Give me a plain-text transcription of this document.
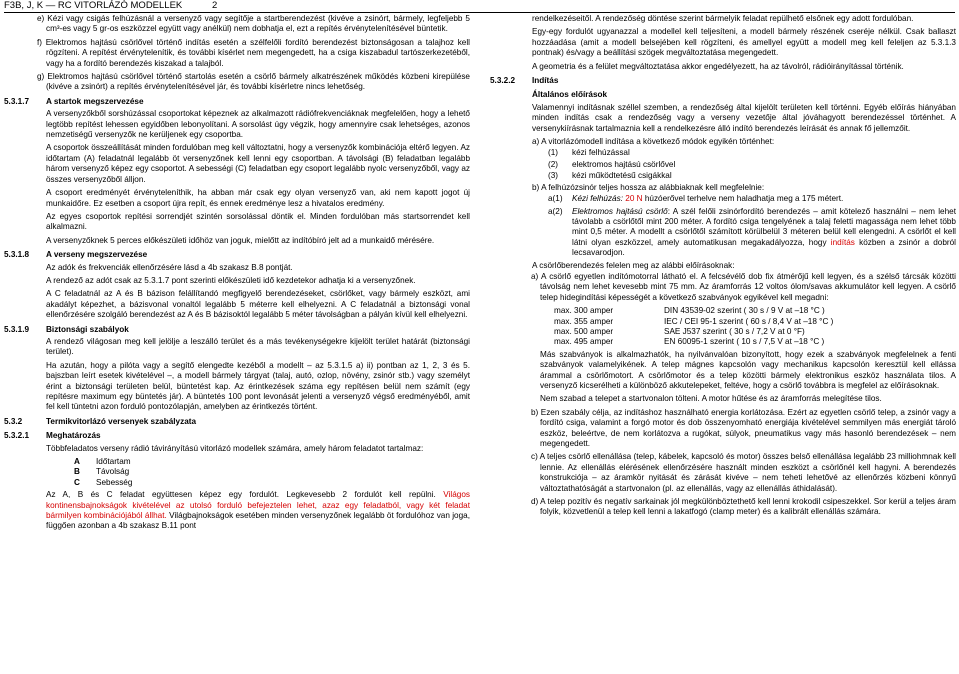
F3B, J, K — RC VITORLÁZÓ MODELLEK	2

e) Kézi vagy csigás felhúzásnál a versenyző vagy segítője a startberendezést (kivéve a zsinórt, bármely, legfeljebb 5 cm³-es vagy 5 gr-os eszközzel együtt vagy anélkül) nem dobhatja el, ezt a repítés érvénytelenítésével büntetik.

f) Elektromos hajtású csörlővel történő indítás esetén a szélfelőli fordító berendezést biztonságosan a talajhoz kell rögzíteni. A repítést érvénytelenítik, és további kísérlet nem megengedett, ha a csiga kiszabadul tartószerkezetéből, vagy ha a fordító berendezés kiszakad a talajból.

g) Elektromos hajtású csörlővel történő startolás esetén a csörlő bármely alkatrészének működés közbeni kirepülése (kivéve a zsinórt) a repítés érvénytelenítésével jár, és további kísérletre nincs lehetőség.

5.3.1.7 A startok megszervezése

A versenyzőkből sorshúzással csoportokat képeznek az alkalmazott rádiófrekvenciáknak megfelelően, hogy a lehető legtöbb repítést lehessen egyidőben lebonyolítani. A sorsolást úgy végzik, hogy amennyire csak lehetséges, azonos nemzetiségű versenyzők ne kerüljenek egy csoportba.

A csoportok összeállítását minden fordulóban meg kell változtatni, hogy a versenyzők kombinációja eltérő legyen. Az időtartam (A) feladatnál legalább öt versenyzőnek kell lenni egy csoportban. A távolsági (B) feladatban legalább három versenyző képez egy csoportot. A sebességi (C) feladatban egy csoport legalább nyolc versenyzőből, vagy az összes versenyzőből álljon.

A csoport eredményét érvényteleníthik, ha abban már csak egy olyan versenyző van, aki nem kapott jogot új munkaidőre. Ez esetben a csoport újra repít, és ennek eredménye lesz a hivatalos eredmény.

Az egyes csoportok repítési sorrendjét szintén sorsolással döntik el. Minden fordulóban más startsorrendet kell alkalmazni.

A versenyzőknek 5 perces előkészületi időhöz van joguk, mielőtt az indítóbíró jelt ad a munkaidő mérésére.

5.3.1.8 A verseny megszervezése

Az adók és frekvenciák ellenőrzésére lásd a 4b szakasz B.8 pontját.

A rendező az adót csak az 5.3.1.7 pont szerinti előkészületi idő kezdetekor adhatja ki a versenyzőnek.

A C feladatnál az A és B bázison felállítandó megfigyelő berendezéseket, csörlőket, vagy bármely eszközt, ami akadályt képezhet, a bázisvonal vonaltól legalább 5 méterre kell elhelyezni. A C feladatnál a biztonsági vonal ellenőrzésére szolgáló berendezést az A és B bázisoktól legalább 5 méter távolságban a pályán kívül kell elhelyezni.

5.3.1.9 Biztonsági szabályok

A rendező világosan meg kell jelölje a leszálló terület és a más tevékenységekre kijelölt terület határát (biztonsági terület).

Ha azután, hogy a pilóta vagy a segítő elengedte kezéből a modellt – az 5.3.1.5 a) ii) pontban az 1, 2, 3 és 5. bajszban leírt esetek kivételével –, a modell bármely tárgyat (talaj, autó, ozlop, növény, zsinór stb.) vagy személyt érint a biztonsági területen belül, büntetést kap. Az érintkezések száma egy repítésen belül nem számít (egy repítésre maximum egy büntetés jár). A büntetés 100 pont levonását jelenti a versenyző végső eredményéből, amit fel kell tüntetni azon forduló pontozólapján, amelyben az érintkezés történt.

5.3.2	Termikvitorlázó versenyek szabályzata
5.3.2.1 Meghatározás

Többfeladatos verseny rádió távirányítású vitorlázó modellek számára, amely három feladatot tartalmaz:

A	Időtartam
B	Távolság
C	Sebesség

Az A, B és C feladat együttesen képez egy fordulót. Legkevesebb 2 fordulót kell repülni. Világos kontinensbajnokságok kivételével az utolsó forduló befejeztelen lehet, azaz egy feladatból, vagy két feladat bármilyen kombinációjából állhat. Világbajnokságok esetében minden versenyzőnek legalább öt fordulóhoz van joga, függően azonban a 4b szakasz B.11 pont

rendelkezéseitől. A rendezőség döntése szerint bármelyik feladat repülhető elsőnek egy adott fordulóban.

Egy-egy fordulót ugyanazzal a modellel kell teljesíteni, a modell bármely részének cseréje nélkül. Csak ballaszt hozzáadása (amit a modell belsejében kell rögzíteni, és amellyel együtt a modell meg kell feleljen az 5.3.1.3 pontnak) és/vagy a beállítási szögek megváltoztatása megengedett.

A geometria és a felület megváltoztatása akkor engedélyezett, ha az távolról, rádióirányítással történik.

5.3.2.2 Indítás
Általános előírások

Valamennyi indításnak széllel szemben, a rendezőség által kijelölt területen kell történni. Egyéb előírás hiányában minden indítás csak a rendezőség vagy a verseny vezetője által jóváhagyott berendezéssel történhet. A versenykiírásnak tartalmaznia kell a rendelkezésre álló indító berendezés leírását és annak fő jellemzőit.

a) A vitorlázómodell indítása a következő módok egyikén történhet:

(1)	kézi felhúzással
(2)	elektromos hajtású csörlővel
(3)	kézi működtetésű csigákkal

b) A felhúzózsinór teljes hossza az alábbiaknak kell megfelelnie:

a(1)	Kézi felhúzás: 20 N húzóerővel terhelve nem haladhatja meg a 175 métert.
a(2)	Elektromos hajtású csörlő: A szél felőli zsinórfordító berendezés – amit kötelező használni – nem lehet távolabb a csörlőtől mint 200 méter. A fordító csiga tengelyének a talaj feletti magassága nem lehet több mint 0,5 méter. A modellt a csörlőtől számított körülbelül 3 méteren belül kell elengedni. A csörlőt el kell látni olyan eszközzel, amely automatikusan megakadályozza, hogy indítás közben a zsinór a dobról lecsavarodjon.

A csörlőberendezés felelen meg az alábbi előírásoknak:

a) A csörlő egyetlen indítómotorral látható el. A felcsévélő dob fix átmérőjű kell legyen, és a szélső tárcsák közötti távolság nem lehet kevesebb mint 75 mm. Az áramforrás 12 voltos ólom/savas akkumulátor kell legyen. A csörlő telep hidegindítási képességét a következő szabványok egyikével kell megadni:

max. 300 amper	DIN 43539-02 szerint ( 30 s / 9 V at –18 °C )
max. 355 amper	IEC / CEI 95-1 szerint ( 60 s / 8,4 V at –18 °C )
max. 500 amper	SAE J537 szerint ( 30 s / 7,2 V at 0 °F)
max. 495 amper	EN 60095-1 szerint ( 10 s / 7,5 V at –18 °C )

Más szabványok is alkalmazhatók, ha nyilvánvalóan bizonyított, hogy ezek a szabványok megfelelnek a fenti szabványok valamelyikének. A telep mágnes kapcsolón vagy mechanikus kapcsolón keresztül kell ellássa árammal a csörlőmotort. A csörlőmotor és a telep közötti bármely elektronikus eszköz használata tilos. A versenyző kicserélheti a különböző akkutelepeket, feltéve, hogy a csörlő továbbra is megfelel az előírásoknak.

Nem szabad a telepet a startvonalon tölteni. A motor hűtése és az áramforrás melegítése tilos.

b) Ezen szabály célja, az indításhoz használható energia korlátozása. Ezért az egyetlen csörlő telep, a zsinór vagy a fordító csiga, valamint a forgó motor és dob összenyomható energiája kivételével semmilyen más energiát tároló eszköz, beleértve, de nem korlátozva a rugókat, súlyok, pneumatikus vagy más hasonló berendezések – nem megengedett.

c) A teljes csörlő ellenállása (telep, kábelek, kapcsoló és motor) összes belső ellenállása legalább 23 milliohmnak kell lennie. Az ellenállás elérésének ellenőrzésére használt minden eszközt a csörlőnél kell hagyni. A berendezés konstrukciója – az áramkör nyitását és zárását kivéve – nem teheti lehetővé az ellenőrzés közbeni könnyű változtathatóságát a startvonalon (pl. az ellenállás, vagy az ellenállás áthidalását).

d) A telep pozitív és negatív sarkainak jól megkülönböztethető kell lenni krokodil csipeszekkel. Sor kerül a teljes áram folyik, közvetlenül a telep kell lenni a lakatfogó (clamp meter) és a kalibrált ellenállás számára.
